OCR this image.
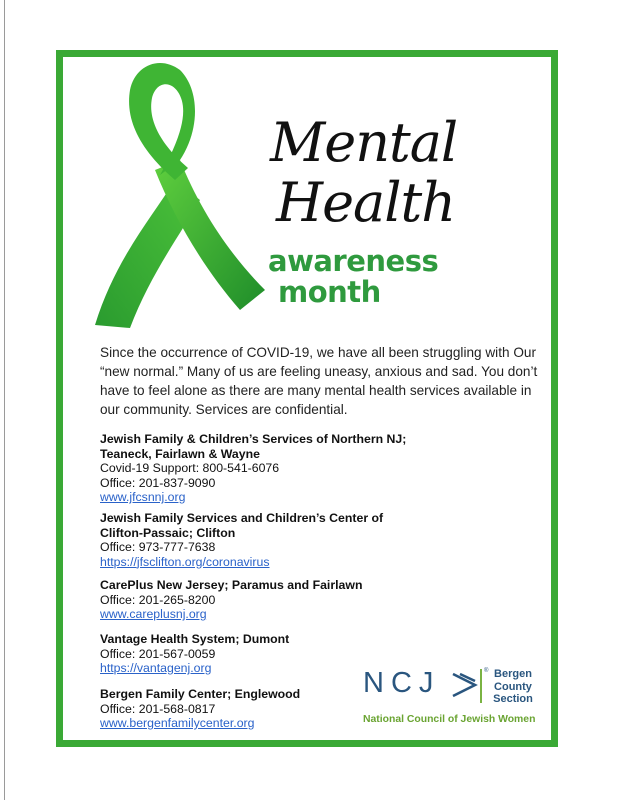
Mental
Health
awareness
month
Since the occurrence of COVID-19, we have all been struggling with Our “new normal.” Many of us are feeling uneasy, anxious and sad. You don’t have to feel alone as there are many mental health services available in our community. Services are confidential.
Jewish Family & Children’s Services of Northern NJ;
Teaneck, Fairlawn & Wayne
Covid-19 Support: 800-541-6076
Office: 201-837-9090
www.jfcsnnj.org
Jewish Family Services and Children’s Center of
Clifton-Passaic; Clifton
Office: 973-777-7638
https://jfsclifton.org/coronavirus
CarePlus New Jersey; Paramus and Fairlawn
Office: 201-265-8200
www.careplusnj.org
Vantage Health System; Dumont
Office: 201-567-0059
https://vantagenj.org
Bergen Family Center; Englewood
Office: 201-568-0817
www.bergenfamilycenter.org
NCJ	® Bergen
County
Section
National Council of Jewish Women
